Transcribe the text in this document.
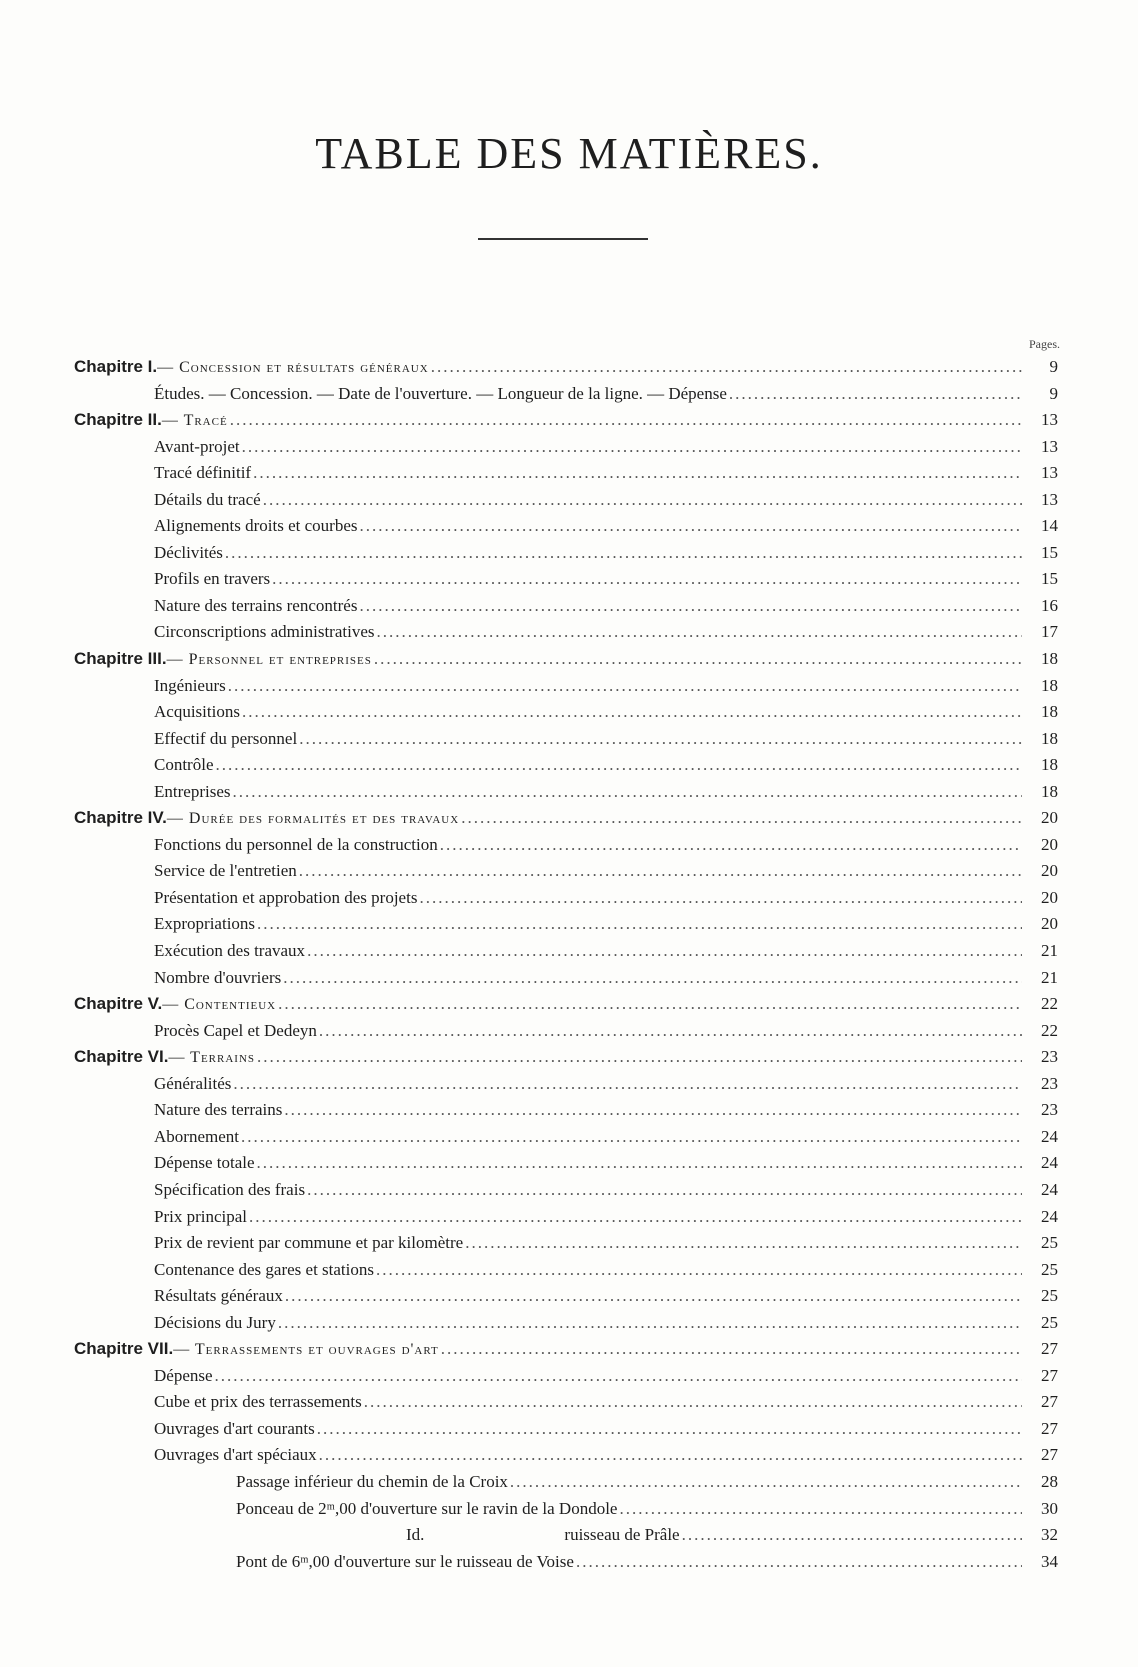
TABLE DES MATIÈRES.
Pages.
Chapitre I. — Concession et résultats généraux .....	9
Études. — Concession. — Date de l'ouverture. — Longueur de la ligne. — Dépense .....	9
Chapitre II. — Tracé .....	13
Avant-projet .....	13
Tracé définitif .....	13
Détails du tracé .....	13
Alignements droits et courbes .....	14
Déclivités .....	15
Profils en travers .....	15
Nature des terrains rencontrés .....	16
Circonscriptions administratives .....	17
Chapitre III. — Personnel et entreprises .....	18
Ingénieurs .....	18
Acquisitions .....	18
Effectif du personnel .....	18
Contrôle .....	18
Entreprises .....	18
Chapitre IV. — Durée des formalités et des travaux .....	20
Fonctions du personnel de la construction .....	20
Service de l'entretien .....	20
Présentation et approbation des projets .....	20
Expropriations .....	20
Exécution des travaux .....	21
Nombre d'ouvriers .....	21
Chapitre V. — Contentieux .....	22
Procès Capel et Dedeyn .....	22
Chapitre VI. — Terrains .....	23
Généralités .....	23
Nature des terrains .....	23
Abornement .....	24
Dépense totale .....	24
Spécification des frais .....	24
Prix principal .....	24
Prix de revient par commune et par kilomètre .....	25
Contenance des gares et stations .....	25
Résultats généraux .....	25
Décisions du Jury .....	25
Chapitre VII. — Terrassements et ouvrages d'art .....	27
Dépense .....	27
Cube et prix des terrassements .....	27
Ouvrages d'art courants .....	27
Ouvrages d'art spéciaux .....	27
Passage inférieur du chemin de la Croix .....	28
Ponceau de 2ᵐ,00 d'ouverture sur le ravin de la Dondole .....	30
Id.	ruisseau de Prâle .....	32
Pont de 6ᵐ,00 d'ouverture sur le ruisseau de Voise .....	34
